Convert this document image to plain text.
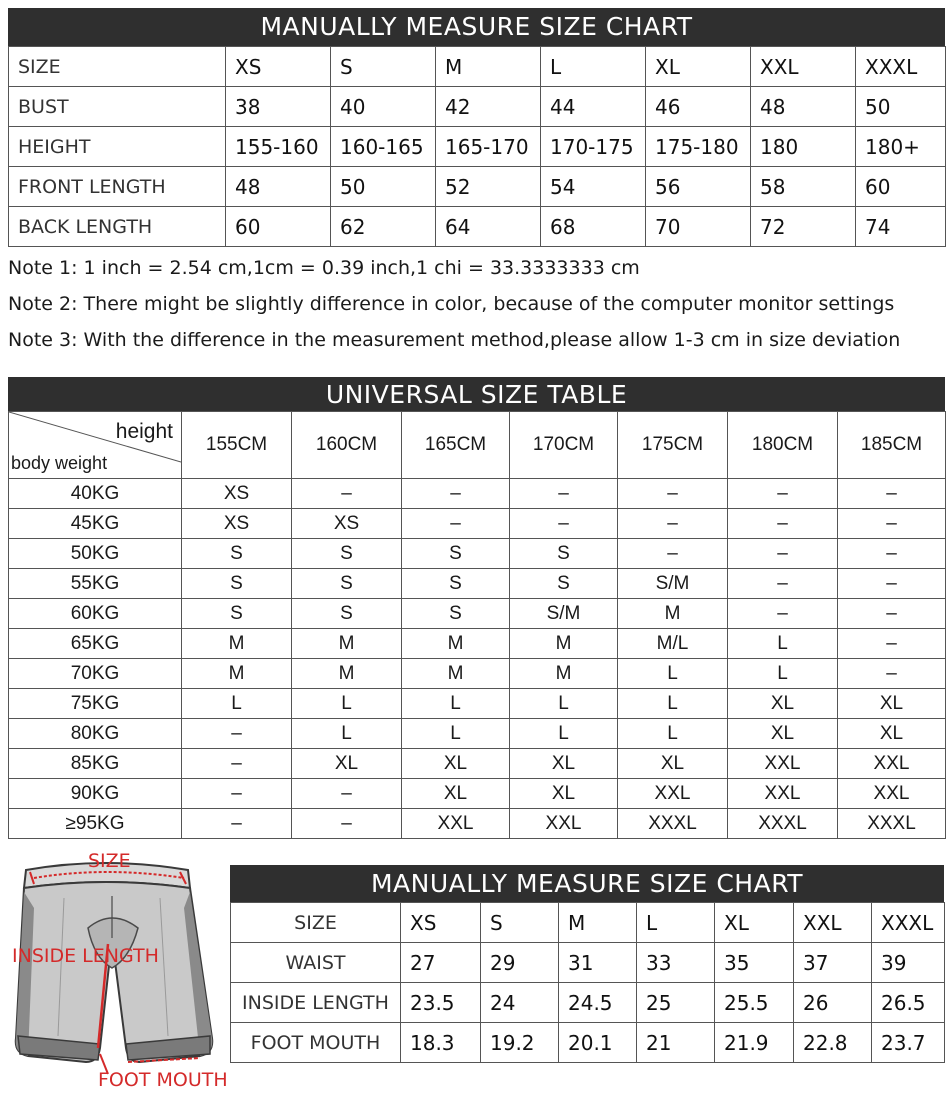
MANUALLY MEASURE SIZE CHART
SIZE	XS	S	M	L	XL	XXL	XXXL
BUST	38	40	42	44	46	48	50
HEIGHT	155-160	160-165	165-170	170-175	175-180	180	180+
FRONT LENGTH	48	50	52	54	56	58	60
BACK LENGTH	60	62	64	68	70	72	74
Note 1: 1 inch = 2.54 cm,1cm = 0.39 inch,1 chi = 33.3333333 cm
Note 2: There might be slightly difference in color, because of the computer monitor settings
Note 3: With the difference in the measurement method,please allow 1-3 cm in size deviation
UNIVERSAL SIZE TABLE
height
body weight	155CM	160CM	165CM	170CM	175CM	180CM	185CM
40KG	XS	–	–	–	–	–	–
45KG	XS	XS	–	–	–	–	–
50KG	S	S	S	S	–	–	–
55KG	S	S	S	S	S/M	–	–
60KG	S	S	S	S/M	M	–	–
65KG	M	M	M	M	M/L	L	–
70KG	M	M	M	M	L	L	–
75KG	L	L	L	L	L	XL	XL
80KG	–	L	L	L	L	XL	XL
85KG	–	XL	XL	XL	XL	XXL	XXL
90KG	–	–	XL	XL	XXL	XXL	XXL
≥95KG	–	–	XXL	XXL	XXXL	XXXL	XXXL
SIZE
INSIDE LENGTH
FOOT MOUTH
MANUALLY MEASURE SIZE CHART
SIZE	XS	S	M	L	XL	XXL	XXXL
WAIST	27	29	31	33	35	37	39
INSIDE LENGTH	23.5	24	24.5	25	25.5	26	26.5
FOOT MOUTH	18.3	19.2	20.1	21	21.9	22.8	23.7
